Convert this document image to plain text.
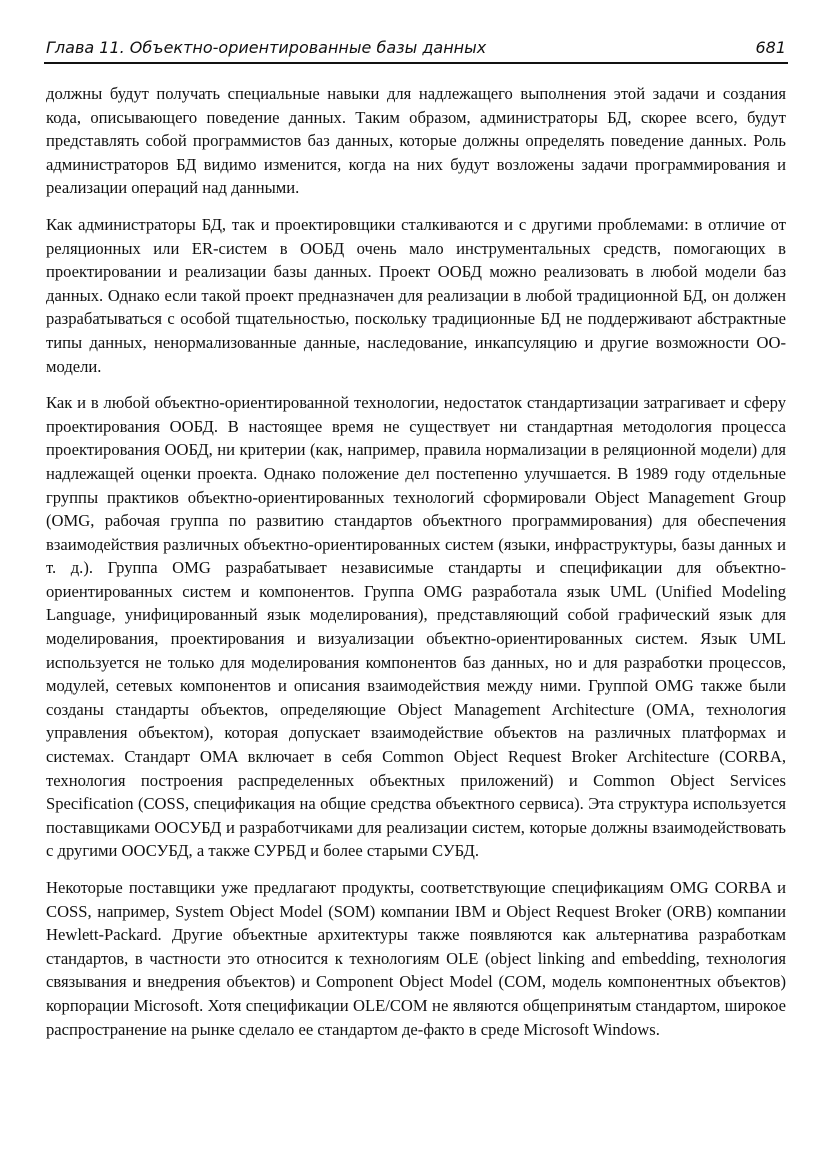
Глава 11. Объектно-ориентированные базы данных	681

должны будут получать специальные навыки для надлежащего выполнения этой задачи и создания кода, описывающего поведение данных. Таким образом, администраторы БД, скорее всего, будут представлять собой программистов баз данных, которые должны определять поведение данных. Роль администраторов БД видимо изменится, когда на них будут возложены задачи программирования и реализации операций над данными.

Как администраторы БД, так и проектировщики сталкиваются и с другими проблемами: в отличие от реляционных или ER-систем в ООБД очень мало инструментальных средств, помогающих в проектировании и реализации базы данных. Проект ООБД можно реализовать в любой модели баз данных. Однако если такой проект предназначен для реализации в любой традиционной БД, он должен разрабатываться с особой тщательностью, поскольку традиционные БД не поддерживают абстрактные типы данных, ненормализованные данные, наследование, инкапсуляцию и другие возможности ОО-модели.

Как и в любой объектно-ориентированной технологии, недостаток стандартизации затрагивает и сферу проектирования ООБД. В настоящее время не существует ни стандартная методология процесса проектирования ООБД, ни критерии (как, например, правила нормализации в реляционной модели) для надлежащей оценки проекта. Однако положение дел постепенно улучшается. В 1989 году отдельные группы практиков объектно-ориентированных технологий сформировали Object Management Group (OMG, рабочая группа по развитию стандартов объектного программирования) для обеспечения взаимодействия различных объектно-ориентированных систем (языки, инфраструктуры, базы данных и т. д.). Группа OMG разрабатывает независимые стандарты и спецификации для объектно-ориентированных систем и компонентов. Группа OMG разработала язык UML (Unified Modeling Language, унифицированный язык моделирования), представляющий собой графический язык для моделирования, проектирования и визуализации объектно-ориентированных систем. Язык UML используется не только для моделирования компонентов баз данных, но и для разработки процессов, модулей, сетевых компонентов и описания взаимодействия между ними. Группой OMG также были созданы стандарты объектов, определяющие Object Management Architecture (OMA, технология управления объектом), которая допускает взаимодействие объектов на различных платформах и системах. Стандарт OMA включает в себя Common Object Request Broker Architecture (CORBA, технология построения распределенных объектных приложений) и Common Object Services Specification (COSS, спецификация на общие средства объектного сервиса). Эта структура используется поставщиками ООСУБД и разработчиками для реализации систем, которые должны взаимодействовать с другими ООСУБД, а также СУРБД и более старыми СУБД.

Некоторые поставщики уже предлагают продукты, соответствующие спецификациям OMG CORBA и COSS, например, System Object Model (SOM) компании IBM и Object Request Broker (ORB) компании Hewlett-Packard. Другие объектные архитектуры также появляются как альтернатива разработкам стандартов, в частности это относится к технологиям OLE (object linking and embedding, технология связывания и внедрения объектов) и Component Object Model (COM, модель компонентных объектов) корпорации Microsoft. Хотя спецификации OLE/COM не являются общепринятым стандартом, широкое распространение на рынке сделало ее стандартом де-факто в среде Microsoft Windows.
